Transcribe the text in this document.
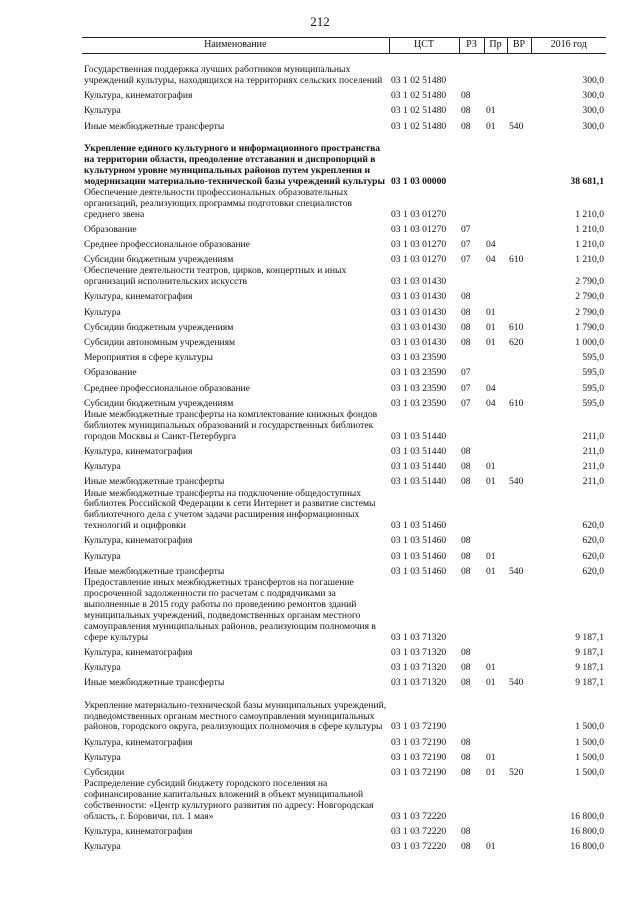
212
Наименование	ЦСТ	РЗ	Пр	ВР	2016 год
Государственная поддержка лучших работников муниципальных учреждений культуры, находящихся на территориях сельских поселений	03 1 02 51480				300,0
Культура, кинематография	03 1 02 51480	08			300,0
Культура	03 1 02 51480	08	01		300,0
Иные межбюджетные трансферты	03 1 02 51480	08	01	540	300,0
Укрепление единого культурного и информационного пространства на территории области, преодоление отставания и диспропорций в культурном уровне муниципальных районов путем укрепления и модернизации материально-технической базы учреждений культуры	03 1 03 00000				38 681,1
Обеспечение деятельности профессиональных образовательных организаций, реализующих программы подготовки специалистов среднего звена	03 1 03 01270				1 210,0
Образование	03 1 03 01270	07			1 210,0
Среднее профессиональное образование	03 1 03 01270	07	04		1 210,0
Субсидии бюджетным учреждениям	03 1 03 01270	07	04	610	1 210,0
Обеспечение деятельности театров, цирков, концертных и иных организаций исполнительских искусств	03 1 03 01430				2 790,0
Культура, кинематография	03 1 03 01430	08			2 790,0
Культура	03 1 03 01430	08	01		2 790,0
Субсидии бюджетным учреждениям	03 1 03 01430	08	01	610	1 790,0
Субсидии автономным учреждениям	03 1 03 01430	08	01	620	1 000,0
Мероприятия в сфере культуры	03 1 03 23590				595,0
Образование	03 1 03 23590	07			595,0
Среднее профессиональное образование	03 1 03 23590	07	04		595,0
Субсидии бюджетным учреждениям	03 1 03 23590	07	04	610	595,0
Иные межбюджетные трансферты на комплектование книжных фондов библиотек муниципальных образований и государственных библиотек городов Москвы и Санкт-Петербурга	03 1 03 51440				211,0
Культура, кинематография	03 1 03 51440	08			211,0
Культура	03 1 03 51440	08	01		211,0
Иные межбюджетные трансферты	03 1 03 51440	08	01	540	211,0
Иные межбюджетные трансферты на подключение общедоступных библиотек Российской Федерации к сети Интернет и развитие системы библиотечного дела с учетом задачи расширения информационных технологий и оцифровки	03 1 03 51460				620,0
Культура, кинематография	03 1 03 51460	08			620,0
Культура	03 1 03 51460	08	01		620,0
Иные межбюджетные трансферты	03 1 03 51460	08	01	540	620,0
Предоставление иных межбюджетных трансфертов на погашение просроченной задолженности по расчетам с подрядчиками за выполненные в 2015 году работы по проведению ремонтов зданий муниципальных учреждений, подведомственных органам местного самоуправления муниципальных районов, реализующим полномочия в сфере культуры	03 1 03 71320				9 187,1
Культура, кинематография	03 1 03 71320	08			9 187,1
Культура	03 1 03 71320	08	01		9 187,1
Иные межбюджетные трансферты	03 1 03 71320	08	01	540	9 187,1
Укрепление материально-технической базы муниципальных учреждений, подведомственных органам местного самоуправления муниципальных районов, городского округа, реализующих полномочия в сфере культуры	03 1 03 72190				1 500,0
Культура, кинематография	03 1 03 72190	08			1 500,0
Культура	03 1 03 72190	08	01		1 500,0
Субсидии	03 1 03 72190	08	01	520	1 500,0
Распределение субсидий бюджету городского поселения на софинансирование капитальных вложений в объект муниципальной собственности: «Центр культурного развития по адресу: Новгородская область, г. Боровичи, пл. 1 мая»	03 1 03 72220				16 800,0
Культура, кинематография	03 1 03 72220	08			16 800,0
Культура	03 1 03 72220	08	01		16 800,0
